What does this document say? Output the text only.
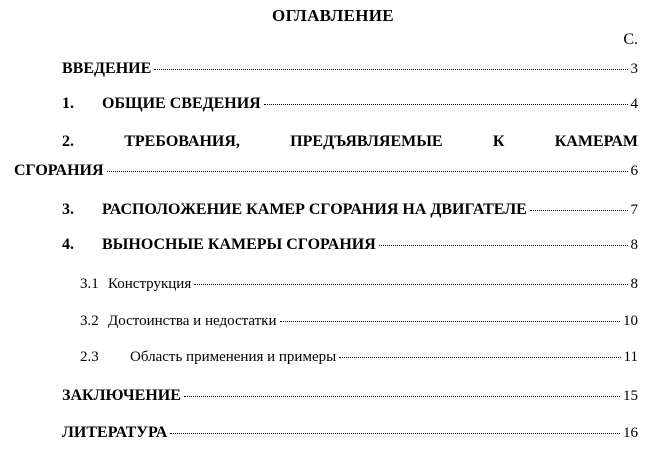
ОГЛАВЛЕНИЕ
С.
ВВЕДЕНИЕ	3
1.	ОБЩИЕ СВЕДЕНИЯ	4
2.	ТРЕБОВАНИЯ,	ПРЕДЪЯВЛЯЕМЫЕ	К	КАМЕРАМ
СГОРАНИЯ	6
3.	РАСПОЛОЖЕНИЕ КАМЕР СГОРАНИЯ НА ДВИГАТЕЛЕ	7
4.	ВЫНОСНЫЕ КАМЕРЫ СГОРАНИЯ	8
3.1 Конструкция	8
3.2 Достоинства и недостатки	10
2.3	Область применения и примеры	11
ЗАКЛЮЧЕНИЕ	15
ЛИТЕРАТУРА	16
